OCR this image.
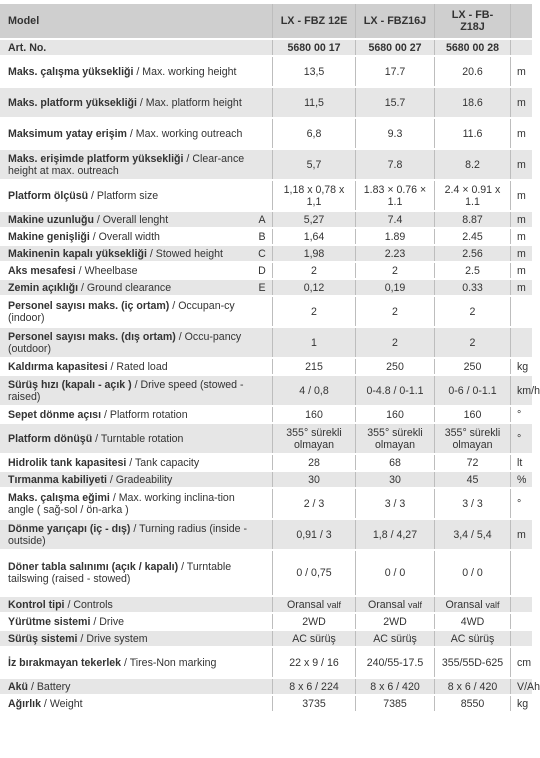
Model		LX - FBZ 12E	LX - FBZ16J	LX - FB-
Z18J	
Art. No.		5680 00 17	5680 00 27	5680 00 28	
Maks. çalışma yüksekliği / Max. working height		13,5	17.7	20.6	m
Maks. platform yüksekliği / Max. platform height		11,5	15.7	18.6	m
Maksimum yatay erişim / Max. working outreach		6,8	9.3	11.6	m
Maks. erişimde platform yüksekliği / Clear-ance height at max. outreach		5,7	7.8	8.2	m
Platform ölçüsü / Platform size		1,18 x 0,78 x 1,1	1.83 × 0.76 × 1.1	2.4 × 0.91 x 1.1	m
Makine uzunluğu / Overall lenght	A	5,27	7.4	8.87	m
Makine genişliği / Overall width	B	1,64	1.89	2.45	m
Makinenin kapalı yüksekliği / Stowed height	C	1,98	2.23	2.56	m
Aks mesafesi / Wheelbase	D	2	2	2.5	m
Zemin açıklığı / Ground clearance	E	0,12	0,19	0.33	m
Personel sayısı maks. (iç ortam) / Occupan-cy (indoor)		2	2	2	
Personel sayısı maks. (dış ortam) / Occu-pancy (outdoor)		1	2	2	
Kaldırma kapasitesi / Rated load		215	250	250	kg
Sürüş hızı (kapalı - açık ) / Drive speed (stowed - raised)		4 / 0,8	0-4.8 / 0-1.1	0-6 / 0-1.1	km/h
Sepet dönme açısı / Platform rotation		160	160	160	°
Platform dönüşü / Turntable rotation		355° sürekli olmayan	355° sürekli olmayan	355° sürekli olmayan	°
Hidrolik tank kapasitesi / Tank capacity		28	68	72	lt
Tırmanma kabiliyeti / Gradeability		30	30	45	%
Maks. çalışma eğimi / Max. working inclina-tion angle ( sağ-sol / ön-arka )		2 / 3	3 / 3	3 / 3	°
Dönme yarıçapı (iç - dış) / Turning radius (inside - outside)		0,91 / 3	1,8 / 4,27	3,4 / 5,4	m
Döner tabla salınımı (açık / kapalı) / Turntable tailswing (raised - stowed)		0 / 0,75	0 / 0	0 / 0	
Kontrol tipi / Controls		Oransal valf	Oransal valf	Oransal valf	
Yürütme sistemi / Drive		2WD	2WD	4WD	
Sürüş sistemi / Drive system		AC sürüş	AC sürüş	AC sürüş	
İz bırakmayan tekerlek / Tires-Non marking		22 x 9 / 16	240/55-17.5	355/55D-625	cm
Akü / Battery		8 x 6 / 224	8 x 6 / 420	8 x 6 / 420	V/Ah
Ağırlık / Weight		3735	7385	8550	kg
